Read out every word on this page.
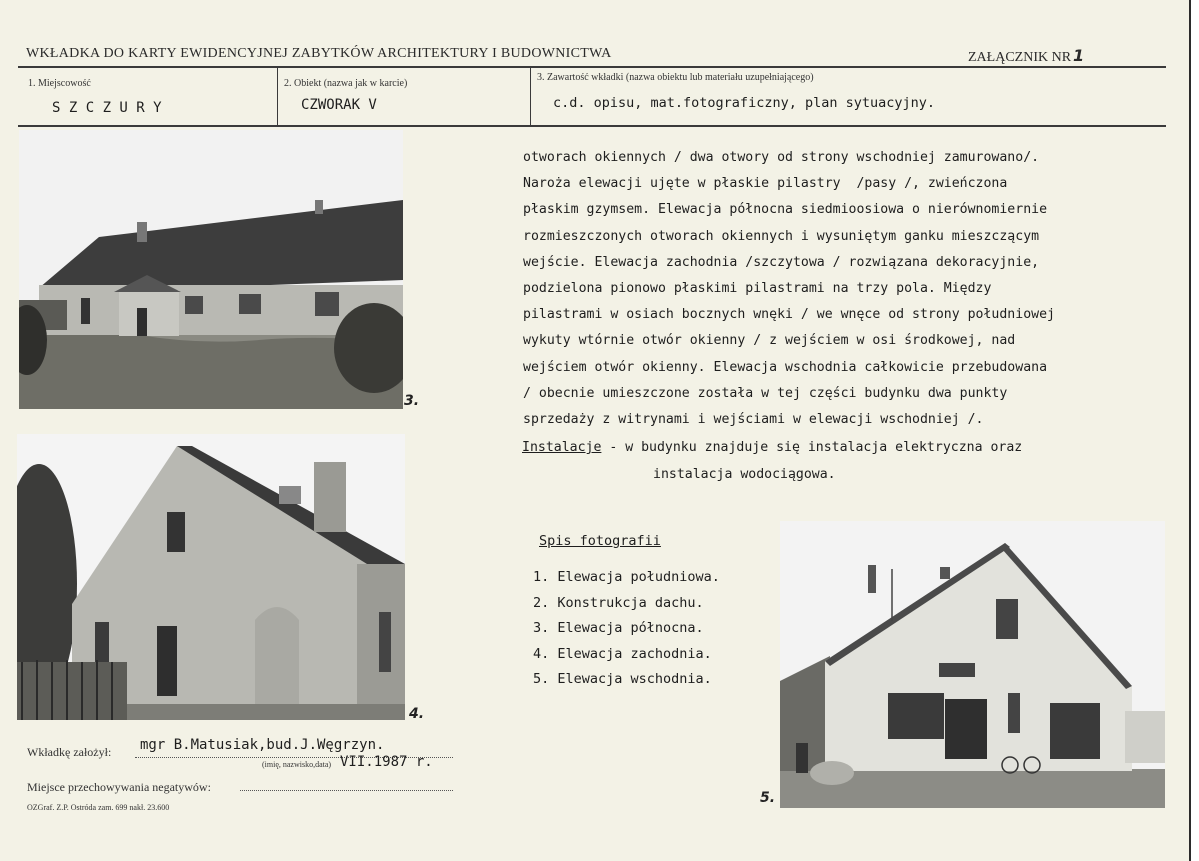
WKŁADKA DO KARTY EWIDENCYJNEJ ZABYTKÓW ARCHITEKTURY I BUDOWNICTWA	ZAŁĄCZNIK NR 1
1. Miejscowość
S Z C Z U R Y
2. Obiekt (nazwa jak w karcie)
CZWORAK V
3. Zawartość wkładki (nazwa obiektu lub materiału uzupełniającego)
c.d. opisu, mat.fotograficzny, plan sytuacyjny.
3.
4.
5.
otworach okiennych / dwa otwory od strony wschodniej zamurowano/.
Naroża elewacji ujęte w płaskie pilastry  /pasy /, zwieńczona
płaskim gzymsem. Elewacja północna siedmioosiowa o nierównomiernie
rozmieszczonych otworach okiennych i wysuniętym ganku mieszczącym
wejście. Elewacja zachodnia /szczytowa / rozwiązana dekoracyjnie,
podzielona pionowo płaskimi pilastrami na trzy pola. Między
pilastrami w osiach bocznych wnęki / we wnęce od strony południowej
wykuty wtórnie otwór okienny / z wejściem w osi środkowej, nad
wejściem otwór okienny. Elewacja wschodnia całkowicie przebudowana
/ obecnie umieszczone została w tej części budynku dwa punkty
sprzedaży z witrynami i wejściami w elewacji wschodniej /.
Instalacje - w budynku znajduje się instalacja elektryczna oraz
instalacja wodociągowa.
Spis fotografii
1. Elewacja południowa.
2. Konstrukcja dachu.
3. Elewacja północna.
4. Elewacja zachodnia.
5. Elewacja wschodnia.
Wkładkę założył: mgr B.Matusiak,bud.J.Węgrzyn.
(imię, nazwisko,data) VII.1987 r.
Miejsce przechowywania negatywów:
OZGraf. Z.P. Ostróda zam. 699 nakł. 23.600
